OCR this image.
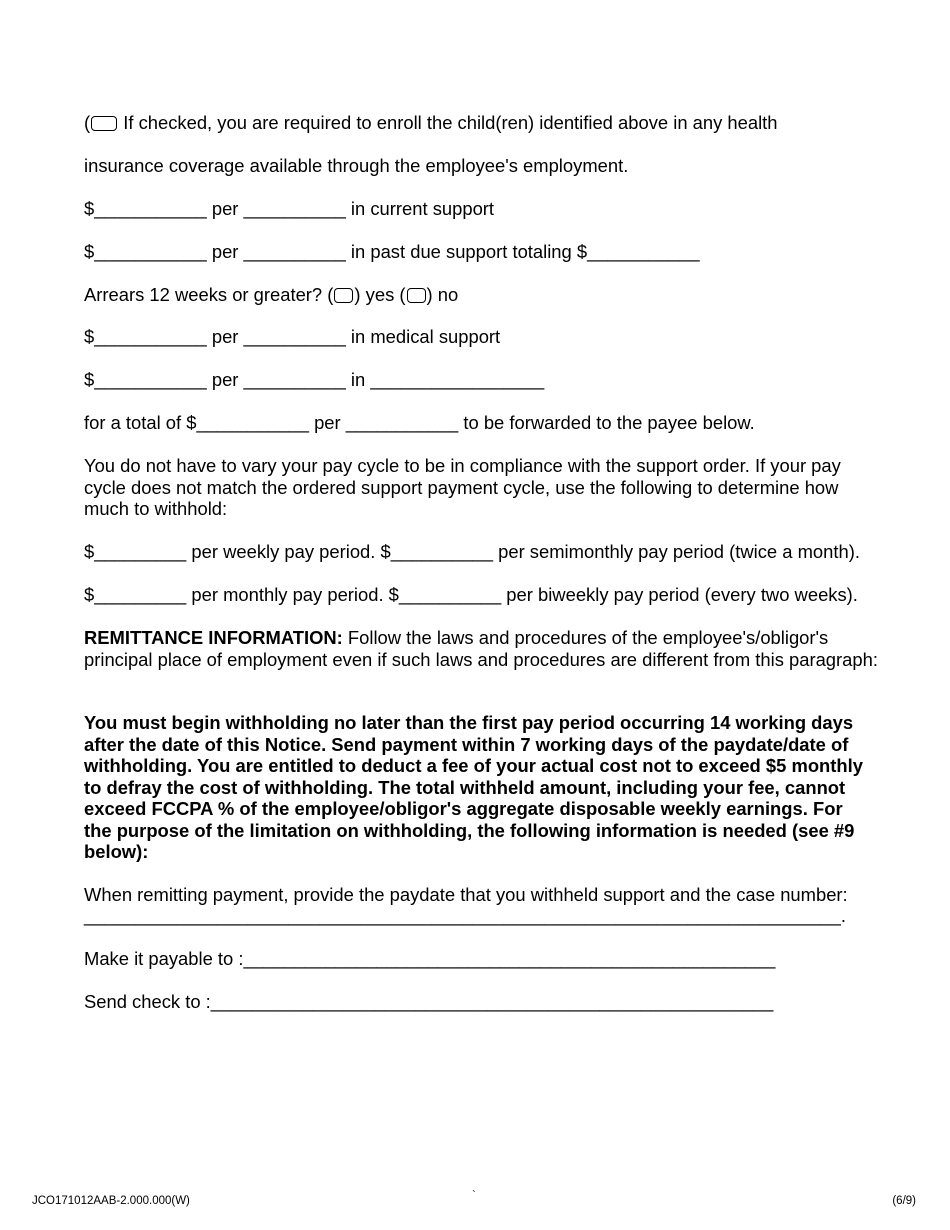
( If checked, you are required to enroll the child(ren) identified above in any health

insurance coverage available through the employee's employment.

$___________ per __________ in current support

$___________ per __________ in past due support totaling $___________

Arrears 12 weeks or greater? ( ) yes ( ) no

$___________ per __________ in medical support

$___________ per __________ in _________________

for a total of $___________ per ___________ to be forwarded to the payee below.

You do not have to vary your pay cycle to be in compliance with the support order. If your pay cycle does not match the ordered support payment cycle, use the following to determine how much to withhold:

$_________ per weekly pay period. $__________ per semimonthly pay period (twice a month).

$_________ per monthly pay period. $__________ per biweekly pay period (every two weeks).

REMITTANCE INFORMATION: Follow the laws and procedures of the employee's/obligor's principal place of employment even if such laws and procedures are different from this paragraph:

You must begin withholding no later than the first pay period occurring 14 working days after the date of this Notice. Send payment within 7 working days of the paydate/date of withholding. You are entitled to deduct a fee of your actual cost not to exceed $5 monthly to defray the cost of withholding. The total withheld amount, including your fee, cannot exceed FCCPA % of the employee/obligor's aggregate disposable weekly earnings. For the purpose of the limitation on withholding, the following information is needed (see #9 below):

When remitting payment, provide the paydate that you withheld support and the case number:

__________________________________________________________________________.

Make it payable to :____________________________________________________

Send check to :_______________________________________________________

JCO171012AAB-2.000.000(W)	`	(6/9)
